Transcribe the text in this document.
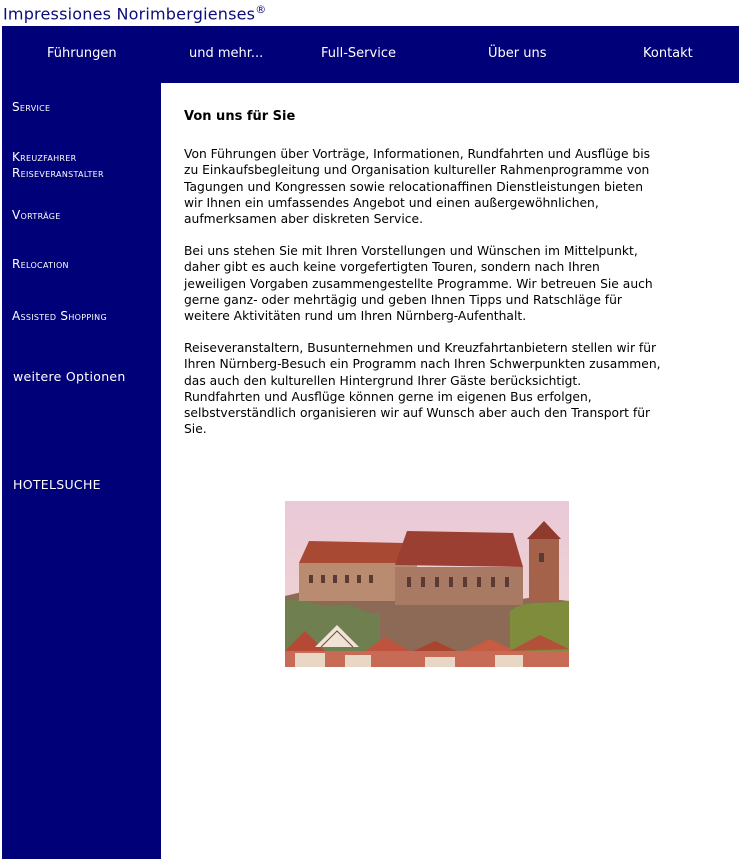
Impressiones Norimbergienses®
Führungen	und mehr...	Full-Service	Über uns	Kontakt
Service
Kreuzfahrer
Reiseveranstalter
Vorträge
Relocation
Assisted Shopping
weitere Optionen
HOTELSUCHE
Von uns für Sie

Von Führungen über Vorträge, Informationen, Rundfahrten und Ausflüge bis zu Einkaufsbegleitung und Organisation kultureller Rahmenprogramme von Tagungen und Kongressen sowie relocationaffinen Dienstleistungen bieten wir Ihnen ein umfassendes Angebot und einen außergewöhnlichen, aufmerksamen aber diskreten Service.

Bei uns stehen Sie mit Ihren Vorstellungen und Wünschen im Mittelpunkt, daher gibt es auch keine vorgefertigten Touren, sondern nach Ihren jeweiligen Vorgaben zusammengestellte Programme. Wir betreuen Sie auch gerne ganz- oder mehrtägig und geben Ihnen Tipps und Ratschläge für weitere Aktivitäten rund um Ihren Nürnberg-Aufenthalt.

Reiseveranstaltern, Busunternehmen und Kreuzfahrtanbietern stellen wir für Ihren Nürnberg-Besuch ein Programm nach Ihren Schwerpunkten zusammen, das auch den kulturellen Hintergrund Ihrer Gäste berücksichtigt.

Rundfahrten und Ausflüge können gerne im eigenen Bus erfolgen, selbstverständlich organisieren wir auf Wunsch aber auch den Transport für Sie.
